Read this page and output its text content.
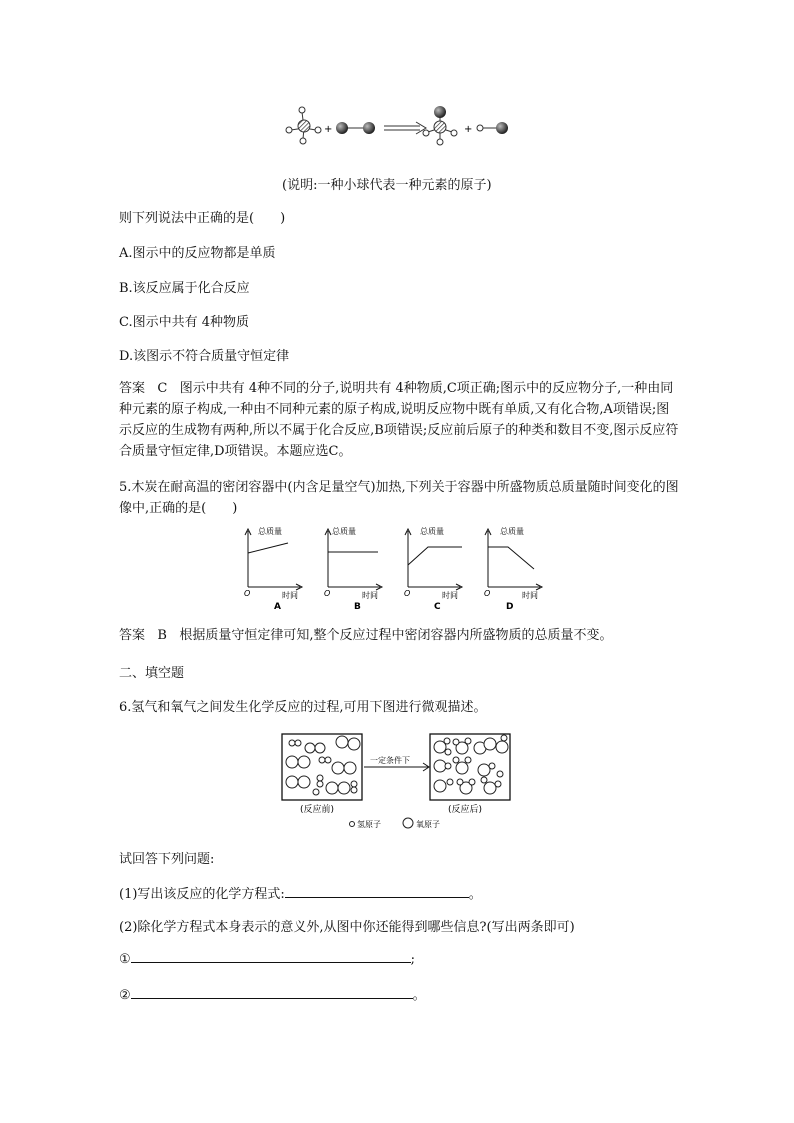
+	+
(说明:一种小球代表一种元素的原子)
则下列说法中正确的是(　　)
A.图示中的反应物都是单质
B.该反应属于化合反应
C.图示中共有 4种物质
D.该图示不符合质量守恒定律
答案 C 图示中共有 4种不同的分子,说明共有 4种物质,C项正确;图示中的反应物分子,一种由同种元素的原子构成,一种由不同种元素的原子构成,说明反应物中既有单质,又有化合物,A项错误;图示反应的生成物有两种,所以不属于化合反应,B项错误;反应前后原子的种类和数目不变,图示反应符合质量守恒定律,D项错误。本题应选C。
5.木炭在耐高温的密闭容器中(内含足量空气)加热,下列关于容器中所盛物质总质量随时间变化的图像中,正确的是(　　)
总质量
时间
O
A
总质量
时间
O
B
总质量
时间
O
C
总质量
时间
O
D
答案 B 根据质量守恒定律可知,整个反应过程中密闭容器内所盛物质的总质量不变。
二、填空题
6.氢气和氧气之间发生化学反应的过程,可用下图进行微观描述。
一定条件下
(反应前)	(反应后)
氢原子	氧原子
试回答下列问题:
(1)写出该反应的化学方程式:	。
(2)除化学方程式本身表示的意义外,从图中你还能得到哪些信息?(写出两条即可)
①	;
②	。
